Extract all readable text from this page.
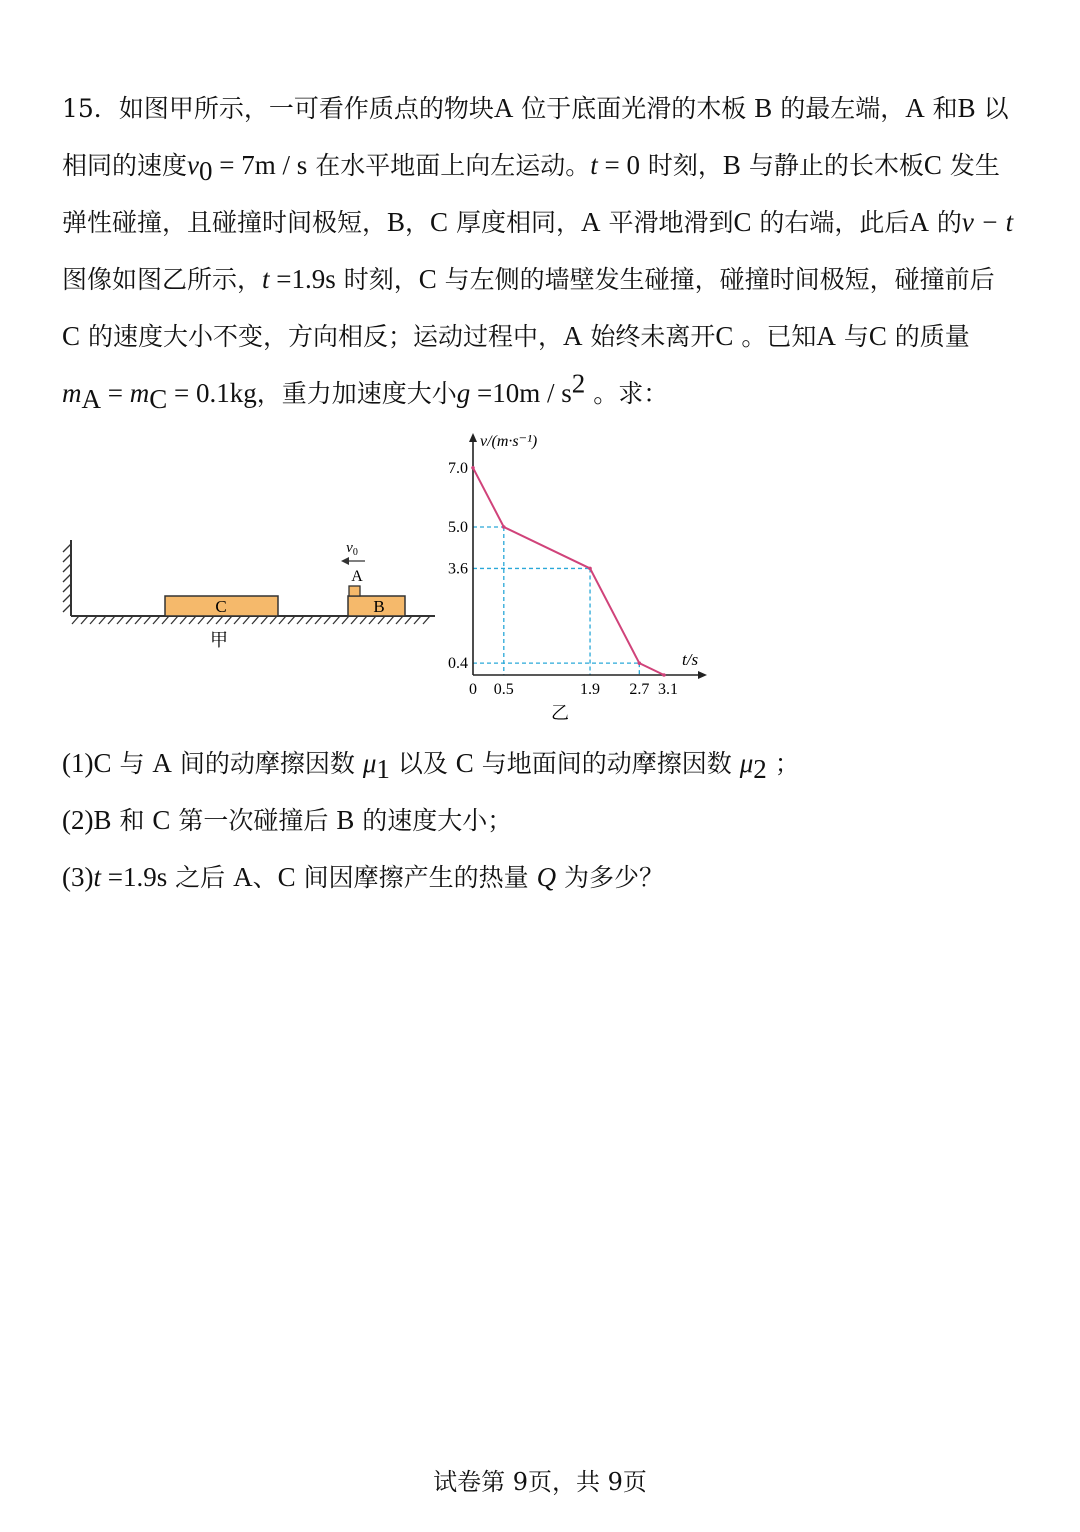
15．如图甲所示，一可看作质点的物块A 位于底面光滑的木板 B 的最左端，A 和B 以
相同的速度$v_0 = 7m / s$ 在水平地面上向左运动。t = 0 时刻，B 与静止的长木板C 发生
弹性碰撞，且碰撞时间极短，B，C 厚度相同，A 平滑地滑到C 的右端，此后A 的v − t
图像如图乙所示，t =1.9s 时刻，C 与左侧的墙壁发生碰撞，碰撞时间极短，碰撞前后
C 的速度大小不变，方向相反；运动过程中，A 始终未离开C 。已知A 与C 的质量
$m_A = m_C = 0.1kg$，重力加速度大小$g =10m / s^2$ 。求：
C	B
A
$v_0$
甲
v/(m·s⁻¹)
t/s
7.0
5.0
3.6
0.4
0 0.5	1.9 2.7 3.1
乙
(1)C 与 A 间的动摩擦因数 $\mu_1$ 以及 C 与地面间的动摩擦因数 $\mu_2$ ；
(2)B 和 C 第一次碰撞后 B 的速度大小；
(3)t =1.9s 之后 A、C 间因摩擦产生的热量 Q 为多少？
试卷第 9页，共 9页
